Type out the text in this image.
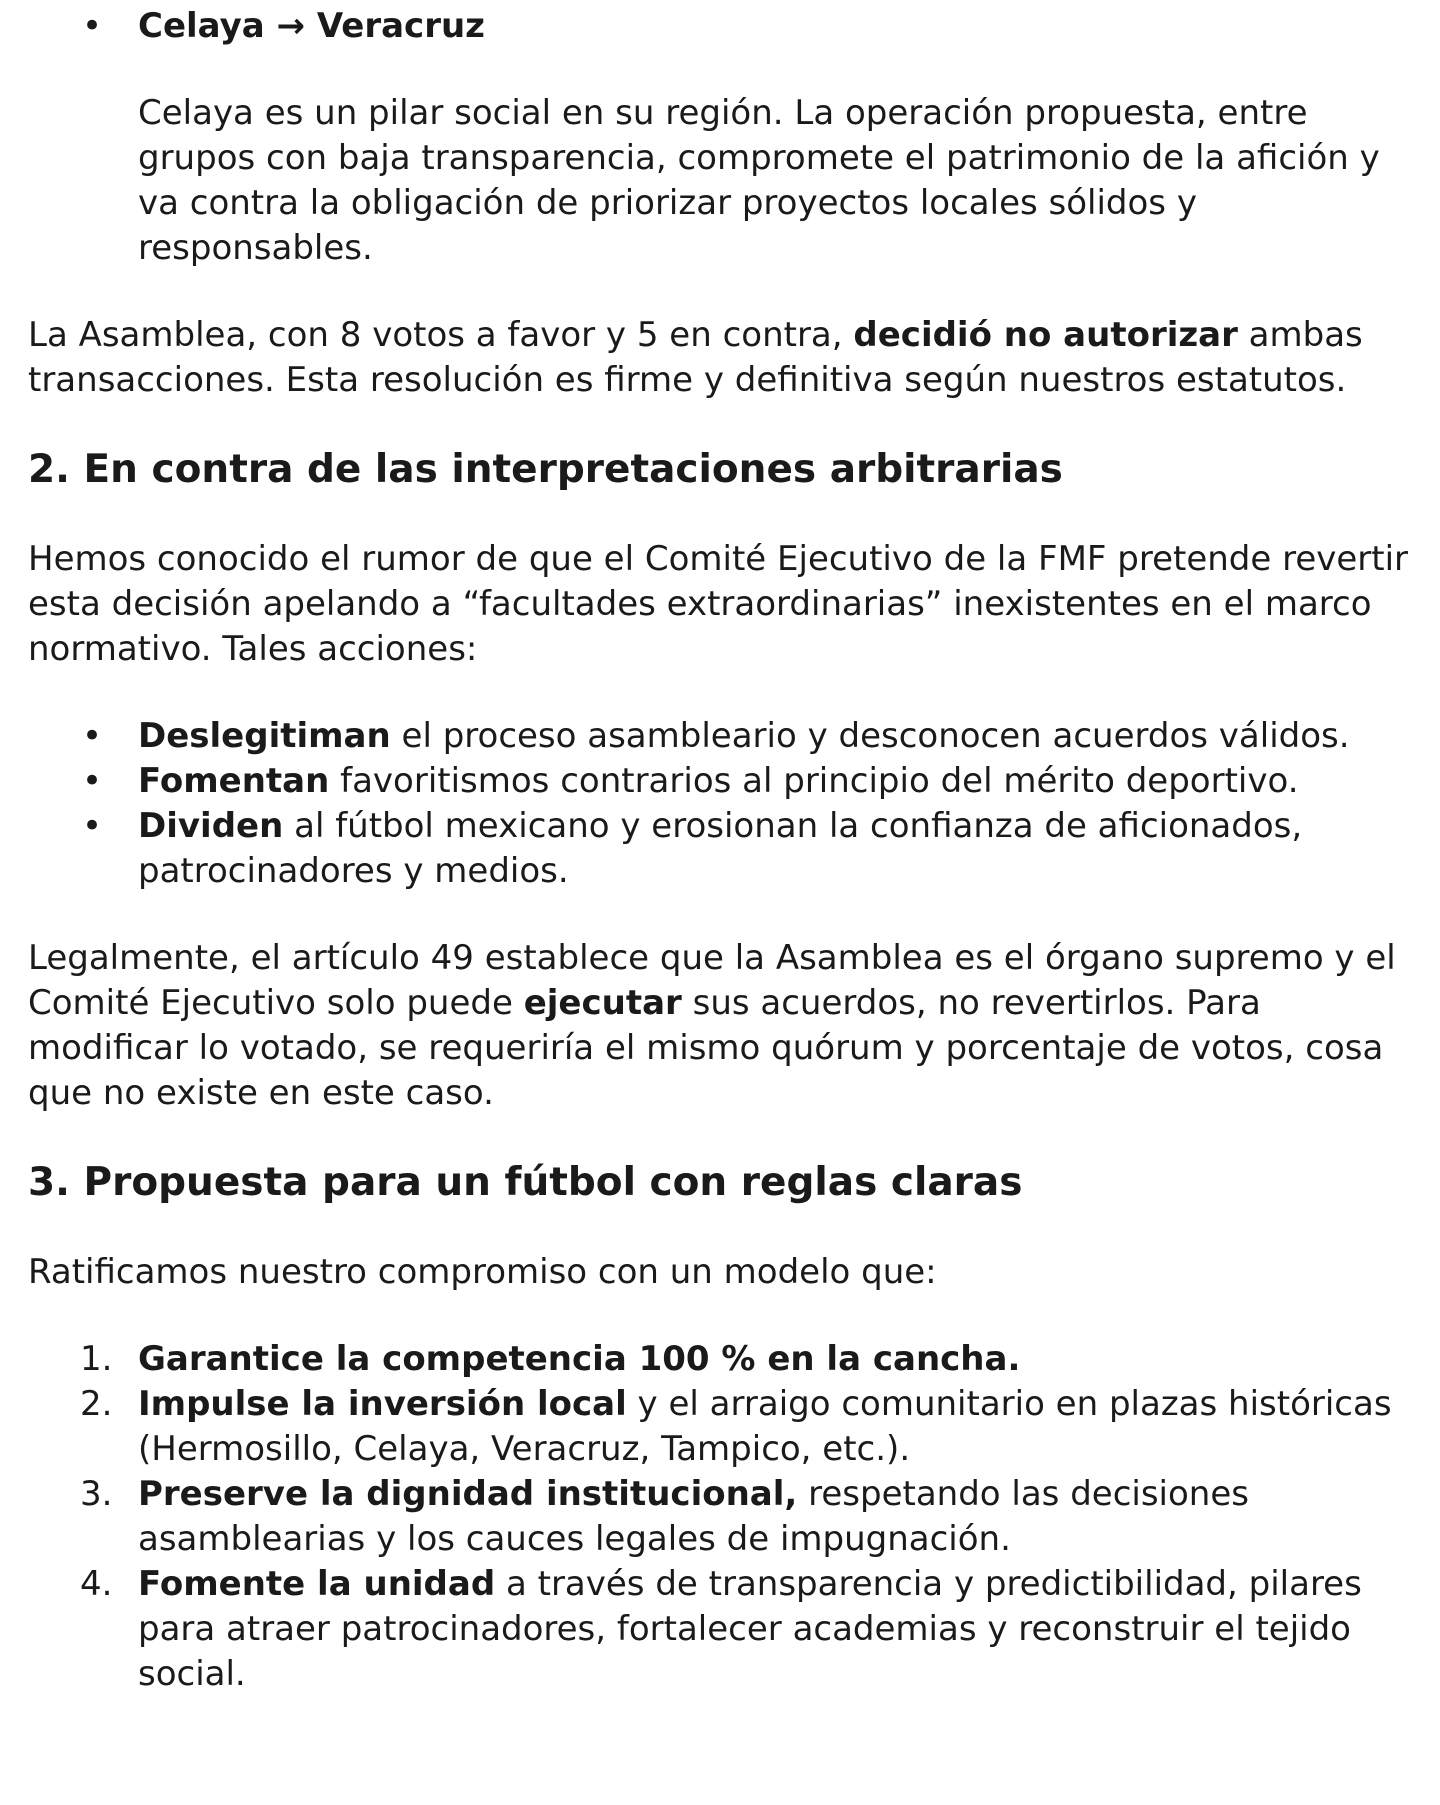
• Celaya → Veracruz

Celaya es un pilar social en su región. La operación propuesta, entre grupos con baja transparencia, compromete el patrimonio de la afición y va contra la obligación de priorizar proyectos locales sólidos y responsables.

La Asamblea, con 8 votos a favor y 5 en contra, decidió no autorizar ambas transacciones. Esta resolución es firme y definitiva según nuestros estatutos.

2. En contra de las interpretaciones arbitrarias

Hemos conocido el rumor de que el Comité Ejecutivo de la FMF pretende revertir esta decisión apelando a “facultades extraordinarias” inexistentes en el marco normativo. Tales acciones:

• Deslegitiman el proceso asambleario y desconocen acuerdos válidos.
• Fomentan favoritismos contrarios al principio del mérito deportivo.
• Dividen al fútbol mexicano y erosionan la confianza de aficionados, patrocinadores y medios.

Legalmente, el artículo 49 establece que la Asamblea es el órgano supremo y el Comité Ejecutivo solo puede ejecutar sus acuerdos, no revertirlos. Para modificar lo votado, se requeriría el mismo quórum y porcentaje de votos, cosa que no existe en este caso.

3. Propuesta para un fútbol con reglas claras

Ratificamos nuestro compromiso con un modelo que:

1. Garantice la competencia 100 % en la cancha.
2. Impulse la inversión local y el arraigo comunitario en plazas históricas (Hermosillo, Celaya, Veracruz, Tampico, etc.).
3. Preserve la dignidad institucional, respetando las decisiones asamblearias y los cauces legales de impugnación.
4. Fomente la unidad a través de transparencia y predictibilidad, pilares para atraer patrocinadores, fortalecer academias y reconstruir el tejido social.
